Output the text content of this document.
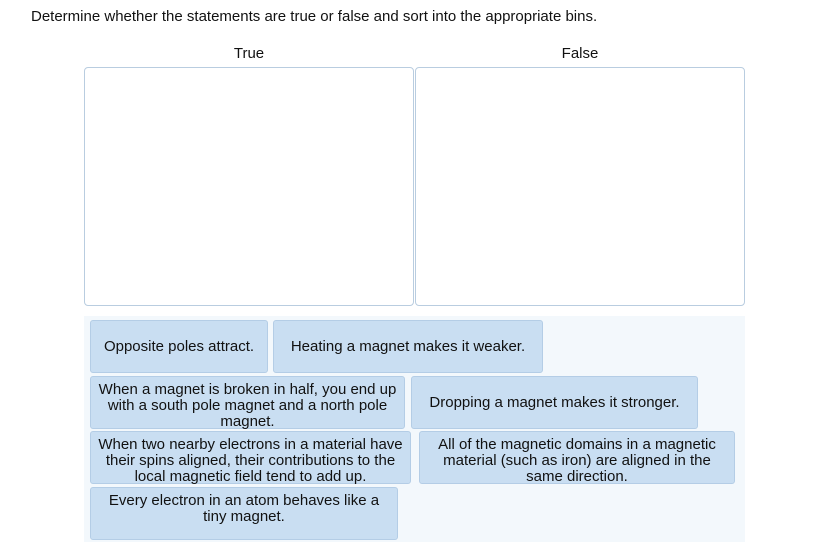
Determine whether the statements are true or false and sort into the appropriate bins.
True	False
Opposite poles attract. Heating a magnet makes it weaker.
When a magnet is broken in half, you end up with a south pole magnet and a north pole magnet.
Dropping a magnet makes it stronger.
When two nearby electrons in a material have their spins aligned, their contributions to the local magnetic field tend to add up.
All of the magnetic domains in a magnetic material (such as iron) are aligned in the same direction.
Every electron in an atom behaves like a tiny magnet.
